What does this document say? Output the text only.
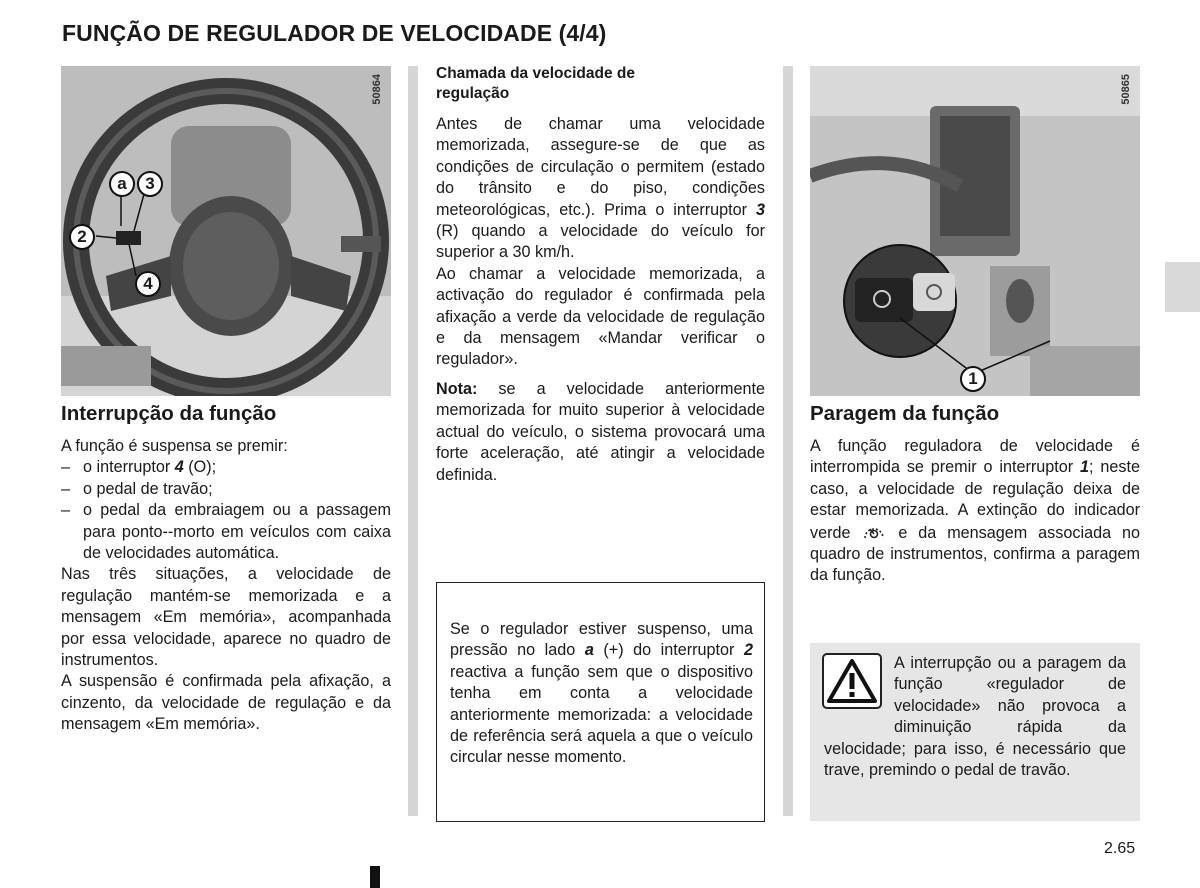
FUNÇÃO DE REGULADOR DE VELOCIDADE (4/4)
a	3
2
4
50864
Interrupção da função
A função é suspensa se premir:
– o interruptor 4 (O);
– o pedal de travão;
– o pedal da embraiagem ou a passagem para ponto--morto em veículos com caixa de velocidades automática.
Nas três situações, a velocidade de regulação mantém-se memorizada e a mensagem «Em memória», acompanhada por essa velocidade, aparece no quadro de instrumentos.
A suspensão é confirmada pela afixação, a cinzento, da velocidade de regulação e da mensagem «Em memória».
Chamada da velocidade de regulação
Antes de chamar uma velocidade memorizada, assegure-se de que as condições de circulação o permitem (estado do trânsito e do piso, condições meteorológicas, etc.). Prima o interruptor 3 (R) quando a velocidade do veículo for superior a 30 km/h.
Ao chamar a velocidade memorizada, a activação do regulador é confirmada pela afixação a verde da velocidade de regulação e da mensagem «Mandar verificar o regulador».
Nota: se a velocidade anteriormente memorizada for muito superior à velocidade actual do veículo, o sistema provocará uma forte aceleração, até atingir a velocidade definida.
Se o regulador estiver suspenso, uma pressão no lado a (+) do interruptor 2 reactiva a função sem que o dispositivo tenha em conta a velocidade anteriormente memorizada: a velocidade de referência será aquela a que o veículo circular nesse momento.
1
50865
Paragem da função
A função reguladora de velocidade é interrompida se premir o interruptor 1; neste caso, a velocidade de regulação deixa de estar memorizada. A extinção do indicador verde  e da mensagem associada no quadro de instrumentos, confirma a paragem da função.
A interrupção ou a paragem da função «regulador de velocidade» não provoca a diminuição rápida da velocidade; para isso, é necessário que trave, premindo o pedal de travão.
2.65
